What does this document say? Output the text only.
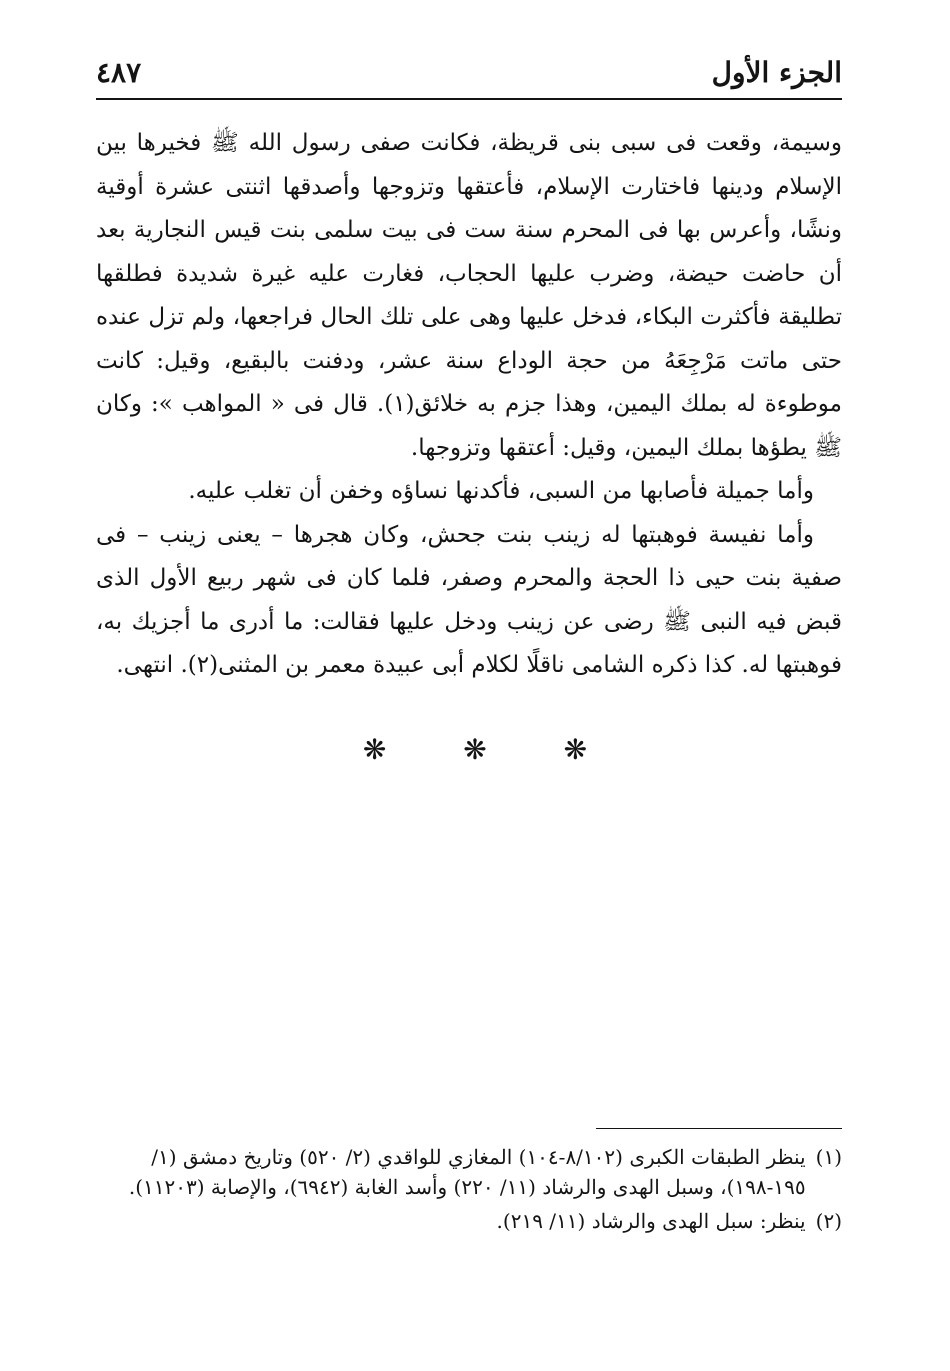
الجزء الأول
٤٨٧

وسيمة، وقعت فى سبى بنى قريظة، فكانت صفى رسول الله ﷺ فخيرها بين الإسلام ودينها فاختارت الإسلام، فأعتقها وتزوجها وأصدقها اثنتى عشرة أوقية ونشًا، وأعرس بها فى المحرم سنة ست فى بيت سلمى بنت قيس النجارية بعد أن حاضت حيضة، وضرب عليها الحجاب، فغارت عليه غيرة شديدة فطلقها تطليقة فأكثرت البكاء، فدخل عليها وهى على تلك الحال فراجعها، ولم تزل عنده حتى ماتت مَرْجِعَهُ من حجة الوداع سنة عشر، ودفنت بالبقيع، وقيل: كانت موطوءة له بملك اليمين، وهذا جزم به خلائق(١). قال فى « المواهب »: وكان ﷺ يطؤها بملك اليمين، وقيل: أعتقها وتزوجها.

وأما جميلة فأصابها من السبى، فأكدنها نساؤه وخفن أن تغلب عليه.

وأما نفيسة فوهبتها له زينب بنت جحش، وكان هجرها – يعنى زينب – فى صفية بنت حيى ذا الحجة والمحرم وصفر، فلما كان فى شهر ربيع الأول الذى قبض فيه النبى ﷺ رضى عن زينب ودخل عليها فقالت: ما أدرى ما أجزيك به، فوهبتها له. كذا ذكره الشامى ناقلًا لكلام أبى عبيدة معمر بن المثنى(٢). انتهى.

❋	❋	❋
(١)
ينظر الطبقات الكبرى (٨/١٠٢-١٠٤) المغازي للواقدي (٢/ ٥٢٠) وتاريخ دمشق (١/ ١٩٥-١٩٨)، وسبل الهدى والرشاد (١١/ ٢٢٠) وأسد الغابة (٦٩٤٢)، والإصابة (١١٢٠٣).
(٢)
ينظر: سبل الهدى والرشاد (١١/ ٢١٩).
